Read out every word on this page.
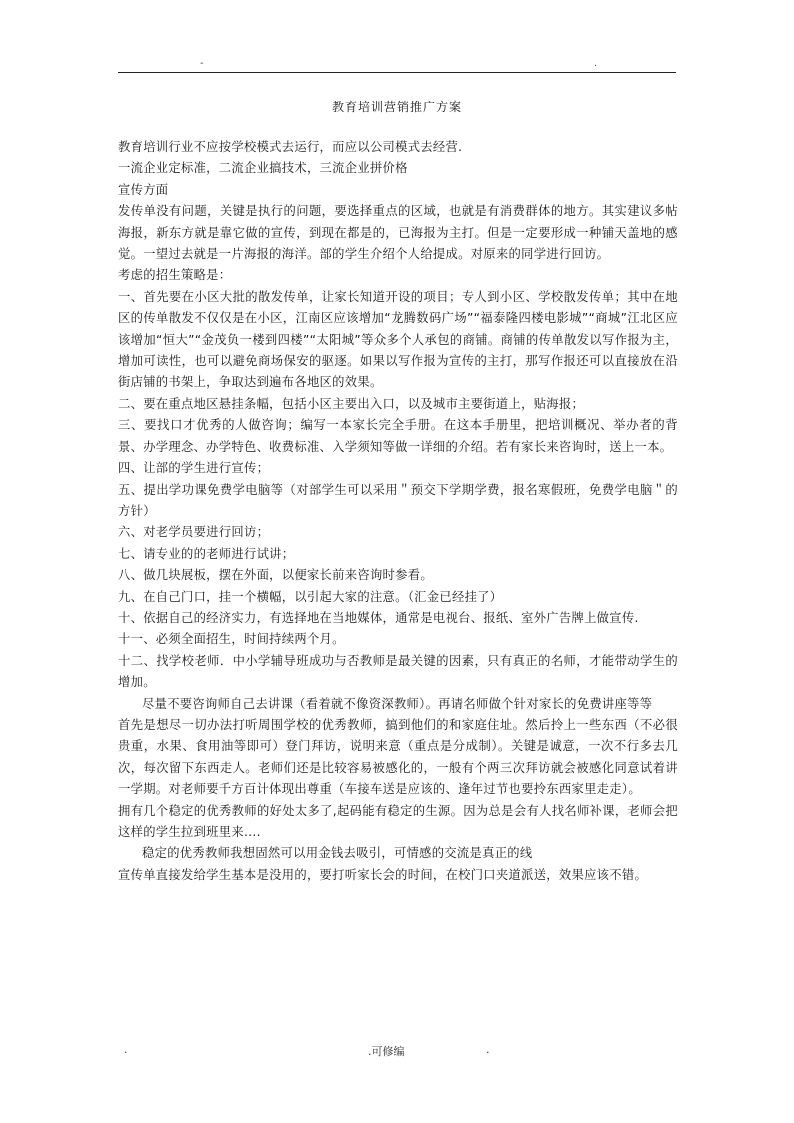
-	.
教育培训营销推广方案

教育培训行业不应按学校模式去运行，而应以公司模式去经营.

一流企业定标准，二流企业搞技术，三流企业拼价格

宣传方面

发传单没有问题，关键是执行的问题，要选择重点的区域，也就是有消费群体的地方。其实建议多帖海报，新东方就是靠它做的宣传，到现在都是的，已海报为主打。但是一定要形成一种铺天盖地的感觉。一望过去就是一片海报的海洋。部的学生介绍个人给提成。对原来的同学进行回访。

考虑的招生策略是：

一、首先要在小区大批的散发传单，让家长知道开设的项目；专人到小区、学校散发传单；其中在地区的传单散发不仅仅是在小区，江南区应该增加“龙腾数码广场”“福泰隆四楼电影城”“商城”江北区应该增加“恒大”“金茂负一楼到四楼”“太阳城”等众多个人承包的商铺。商铺的传单散发以写作报为主，增加可读性，也可以避免商场保安的驱逐。如果以写作报为宣传的主打，那写作报还可以直接放在沿街店铺的书架上，争取达到遍布各地区的效果。

二、要在重点地区悬挂条幅，包括小区主要出入口，以及城市主要街道上，贴海报；

三、要找口才优秀的人做咨询；编写一本家长完全手册。在这本手册里，把培训概况、举办者的背景、办学理念、办学特色、收费标准、入学须知等做一详细的介绍。若有家长来咨询时，送上一本。

四、让部的学生进行宣传；

五、提出学功课免费学电脑等（对部学生可以采用＂预交下学期学费，报名寒假班，免费学电脑＂的方针）

六、对老学员要进行回访；

七、请专业的的老师进行试讲；

八、做几块展板，摆在外面，以便家长前来咨询时参看。

九、在自己门口，挂一个横幅，以引起大家的注意。（汇金已经挂了）

十、依据自己的经济实力，有选择地在当地媒体，通常是电视台、报纸、室外广告牌上做宣传.

十一、必须全面招生，时间持续两个月。

十二、找学校老师．中小学辅导班成功与否教师是最关键的因素，只有真正的名师，才能带动学生的增加。

尽量不要咨询师自己去讲课（看着就不像资深教师）。再请名师做个针对家长的免费讲座等等

首先是想尽一切办法打听周围学校的优秀教师，搞到他们的和家庭住址。然后拎上一些东西（不必很贵重，水果、食用油等即可）登门拜访，说明来意（重点是分成制）。关键是诚意，一次不行多去几次，每次留下东西走人。老师们还是比较容易被感化的，一般有个两三次拜访就会被感化同意试着讲一学期。对老师要千方百计体现出尊重（车接车送是应该的、逢年过节也要拎东西家里走走）。

拥有几个稳定的优秀教师的好处太多了,起码能有稳定的生源。因为总是会有人找名师补课，老师会把这样的学生拉到班里来....

稳定的优秀教师我想固然可以用金钱去吸引，可情感的交流是真正的线

宣传单直接发给学生基本是没用的，要打听家长会的时间，在校门口夹道派送，效果应该不错。

.	.可修编	.
